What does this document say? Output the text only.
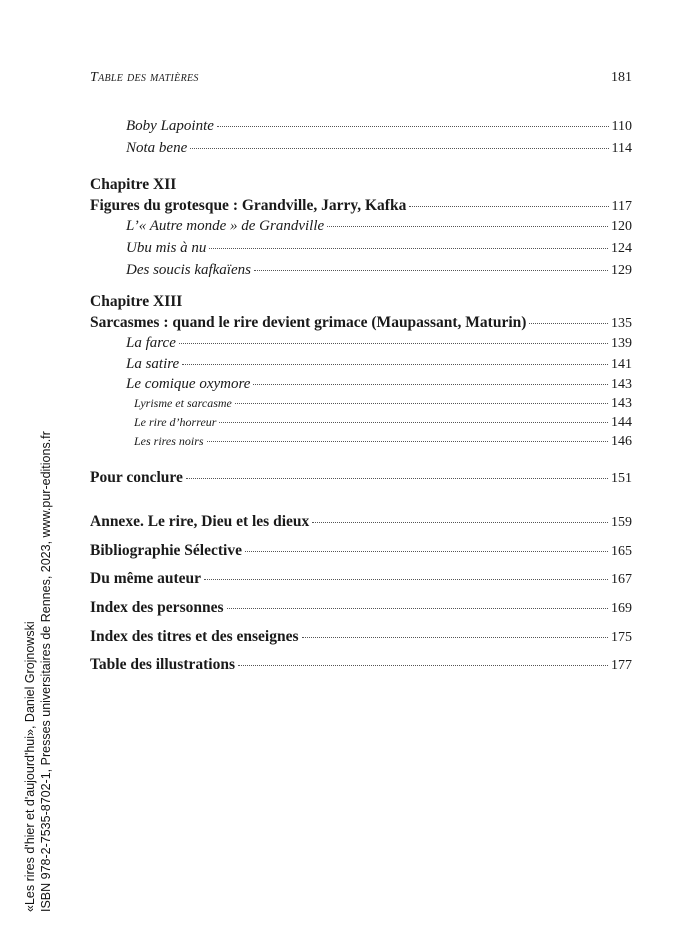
Table des matières	181
Boby Lapointe	110
Nota bene	114
Chapitre XII
Figures du grotesque : Grandville, Jarry, Kafka	117
L’« Autre monde » de Grandville	120
Ubu mis à nu	124
Des soucis kafkaïens	129
Chapitre XIII
Sarcasmes : quand le rire devient grimace (Maupassant, Maturin)	135
La farce	139
La satire	141
Le comique oxymore	143
Lyrisme et sarcasme	143
Le rire d’horreur	144
Les rires noirs	146
Pour conclure	151
Annexe. Le rire, Dieu et les dieux	159
Bibliographie Sélective	165
Du même auteur	167
Index des personnes	169
Index des titres et des enseignes	175
Table des illustrations	177
«Les rires d'hier et d'aujourd'hui», Daniel Grojnowski ISBN 978-2-7535-8702-1, Presses universitaires de Rennes, 2023, www.pur-editions.fr
